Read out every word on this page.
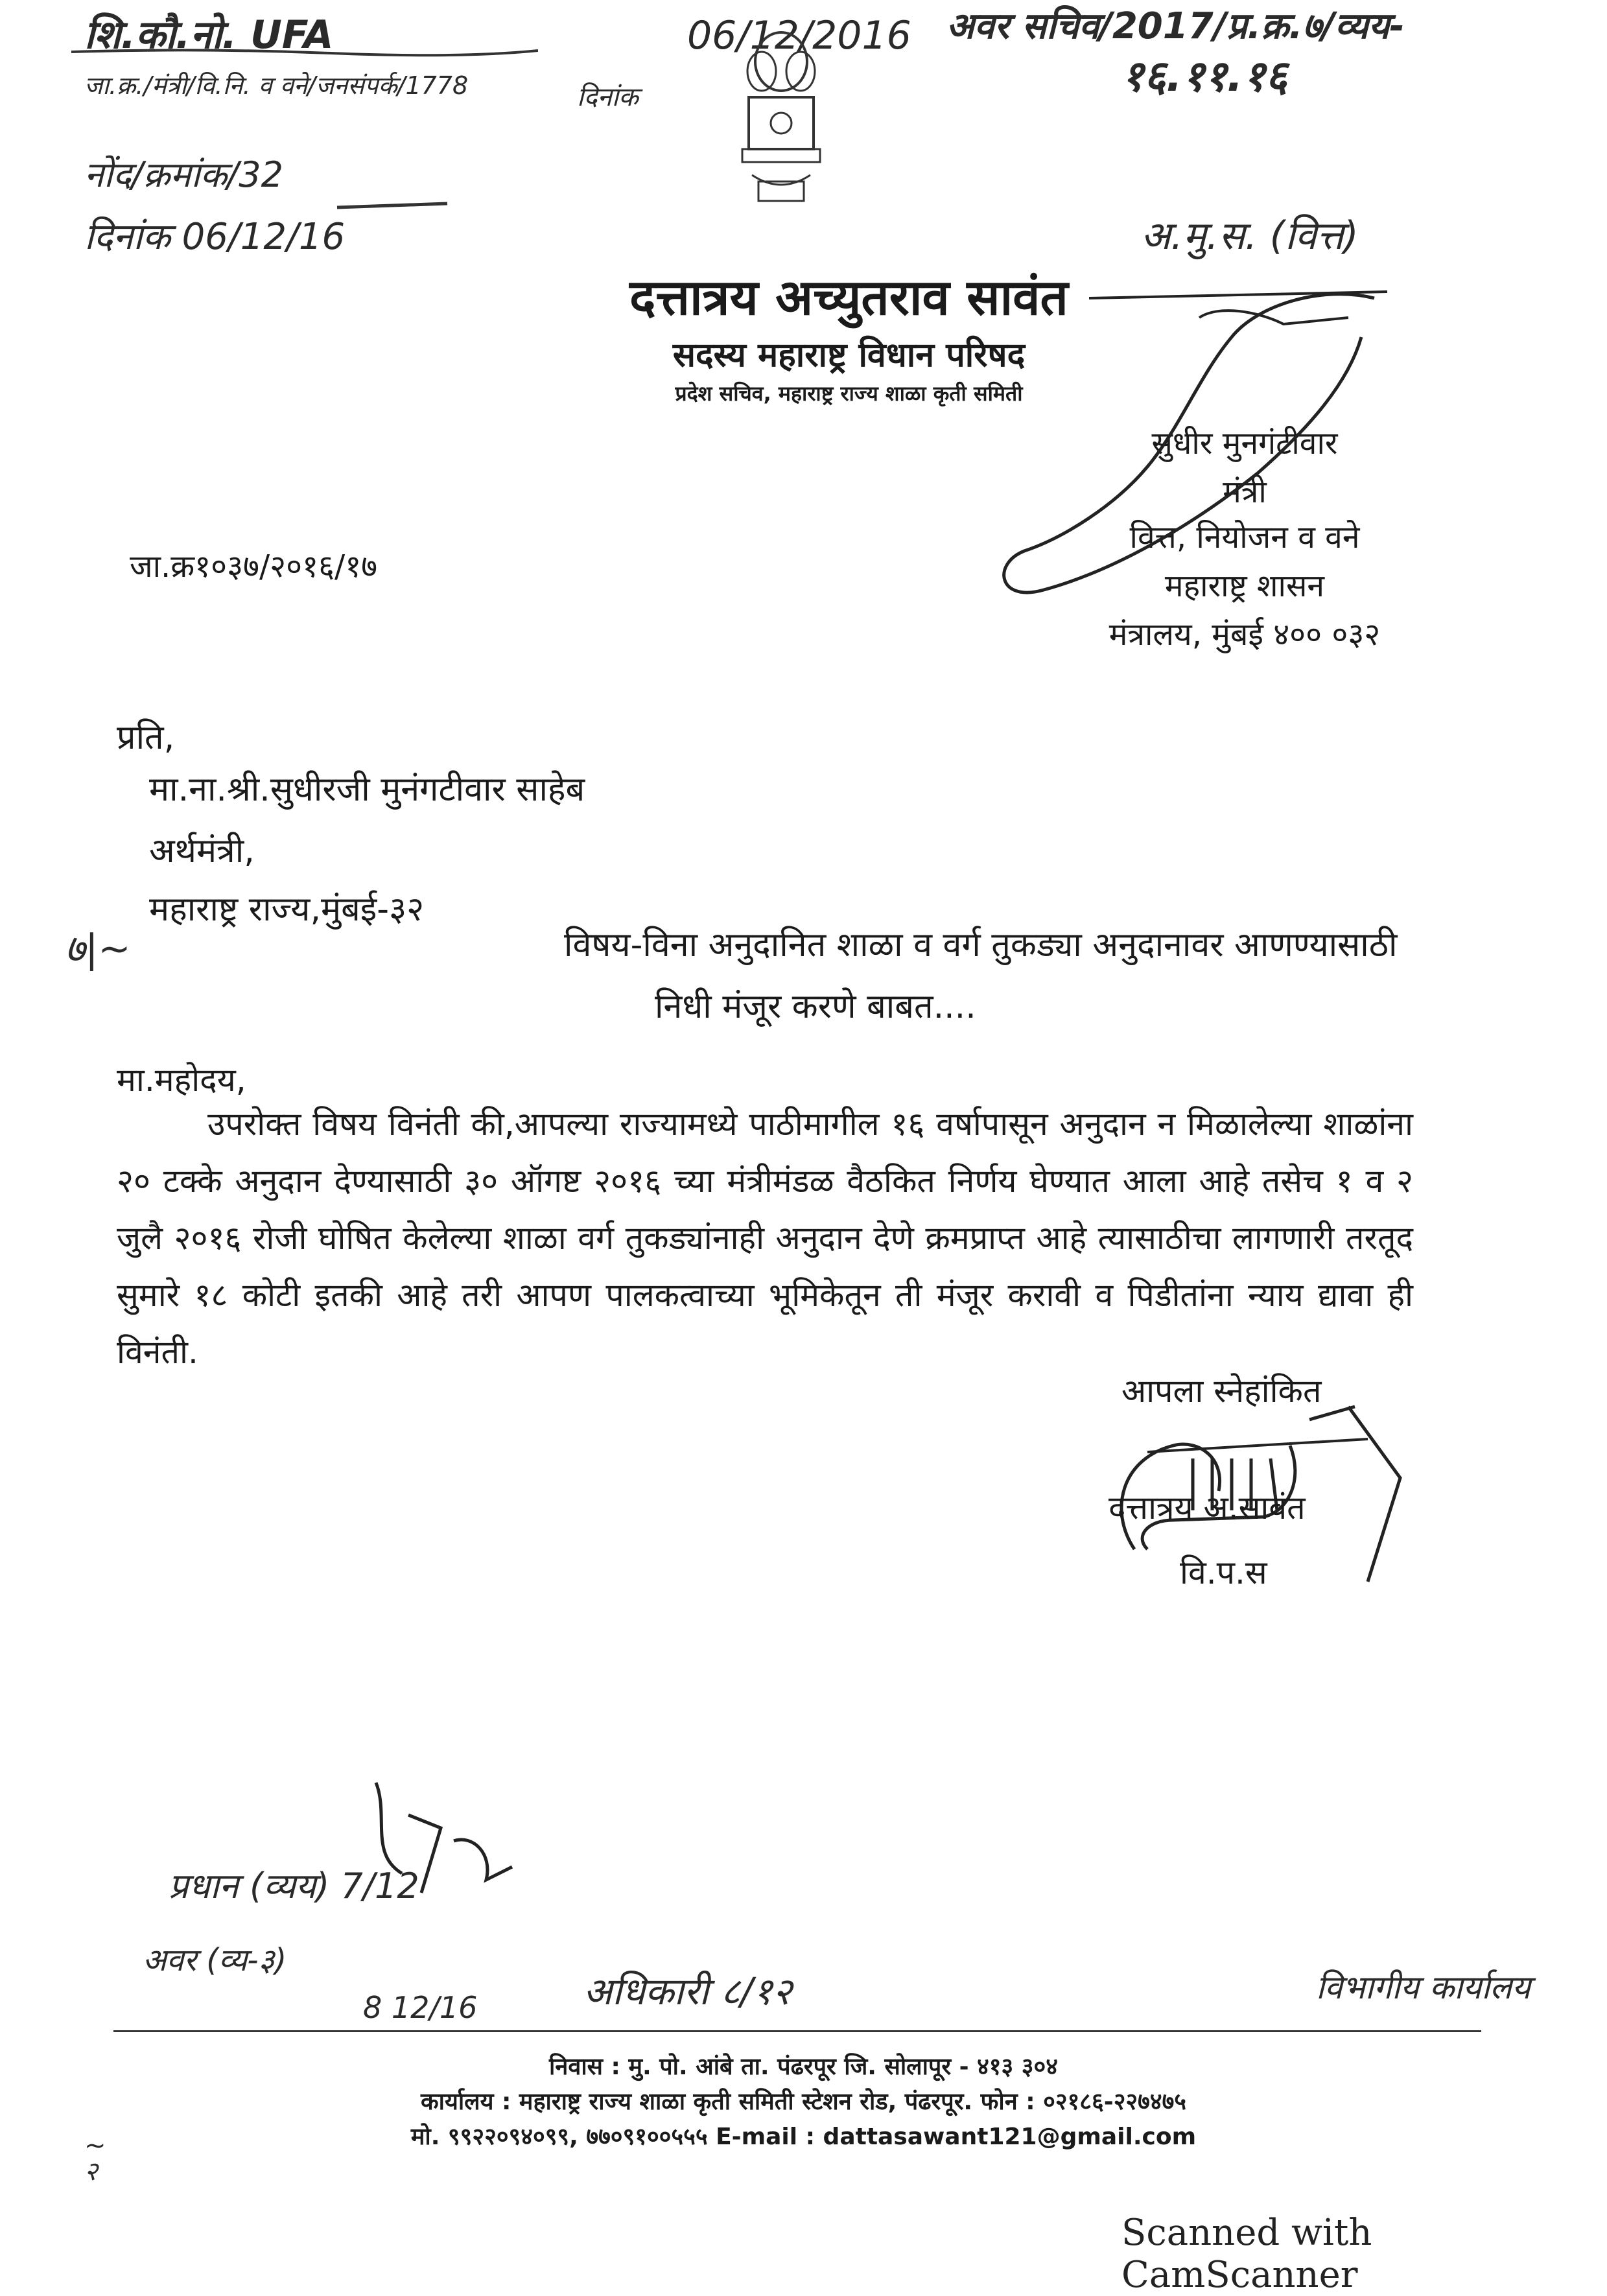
शि.कौ.नो. UFA
जा.क्र./मंत्री/वि.नि. व वने/जनसंपर्क/1778	दिनांक
नोंद/क्रमांक/32
दिनांक 06/12/16
06/12/2016 अवर सचिव/2017/प्र.क्र.७/व्यय-
१६.११.१६
अ.मु.स. (वित्त)
दत्तात्रय अच्युतराव सावंत
सदस्य महाराष्ट्र विधान परिषद
प्रदेश सचिव, महाराष्ट्र राज्य शाळा कृती समिती
सुधीर मुनगंटीवार
मंत्री
वित्त, नियोजन व वने
महाराष्ट्र शासन
मंत्रालय, मुंबई ४०० ०३२
जा.क्र१०३७/२०१६/१७
प्रति,
मा.ना.श्री.सुधीरजी मुनंगटीवार साहेब
अर्थमंत्री,
महाराष्ट्र राज्य,मुंबई-३२
७|~	विषय-विना अनुदानित शाळा व वर्ग तुकड्या अनुदानावर आणण्यासाठी
निधी मंजूर करणे बाबत....
मा.महोदय,
उपरोक्त विषय विनंती की,आपल्या राज्यामध्ये पाठीमागील १६ वर्षापासून अनुदान न मिळालेल्या शाळांना २० टक्के अनुदान देण्यासाठी ३० ऑगष्ट २०१६ च्या मंत्रीमंडळ वैठकित निर्णय घेण्यात आला आहे तसेच १ व २ जुलै २०१६ रोजी घोषित केलेल्या शाळा वर्ग तुकड्यांनाही अनुदान देणे क्रमप्राप्त आहे त्यासाठीचा लागणारी तरतूद सुमारे १८ कोटी इतकी आहे तरी आपण पालकत्वाच्या भूमिकेतून ती मंजूर करावी व पिडीतांना न्याय द्यावा ही विनंती.
आपला स्नेहांकित
दत्तात्रय अ.सावंत
वि.प.स
प्रधान (व्यय) 7/12
अवर (व्य-३)
8 12/16	अधिकारी ८/१२	विभागीय कार्यालय
निवास : मु. पो. आंबे ता. पंढरपूर जि. सोलापूर - ४१३ ३०४
कार्यालय : महाराष्ट्र राज्य शाळा कृती समिती स्टेशन रोड, पंढरपूर. फोन : ०२१८६-२२७४७५
मो. ९९२२०९४०९९, ७७०९१००५५५ E-mail : dattasawant121@gmail.com
~
२
Scanned with CamScanner
